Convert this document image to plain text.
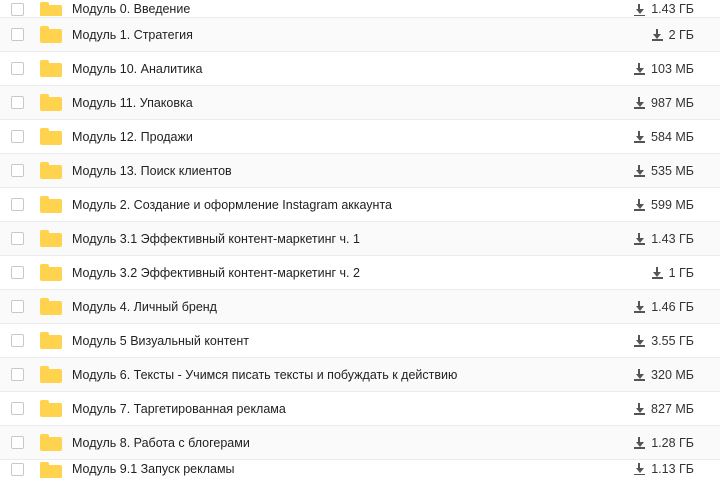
Модуль 0. Введение	1.43 ГБ
Модуль 1. Стратегия	2 ГБ
Модуль 10. Аналитика	103 МБ
Модуль 11. Упаковка	987 МБ
Модуль 12. Продажи	584 МБ
Модуль 13. Поиск клиентов	535 МБ
Модуль 2. Создание и оформление Instagram аккаунта	599 МБ
Модуль 3.1 Эффективный контент-маркетинг ч. 1	1.43 ГБ
Модуль 3.2 Эффективный контент-маркетинг ч. 2	1 ГБ
Модуль 4. Личный бренд	1.46 ГБ
Модуль 5 Визуальный контент	3.55 ГБ
Модуль 6. Тексты - Учимся писать тексты и побуждать к действию	320 МБ
Модуль 7. Таргетированная реклама	827 МБ
Модуль 8. Работа с блогерами	1.28 ГБ
Модуль 9.1 Запуск рекламы	1.13 ГБ
